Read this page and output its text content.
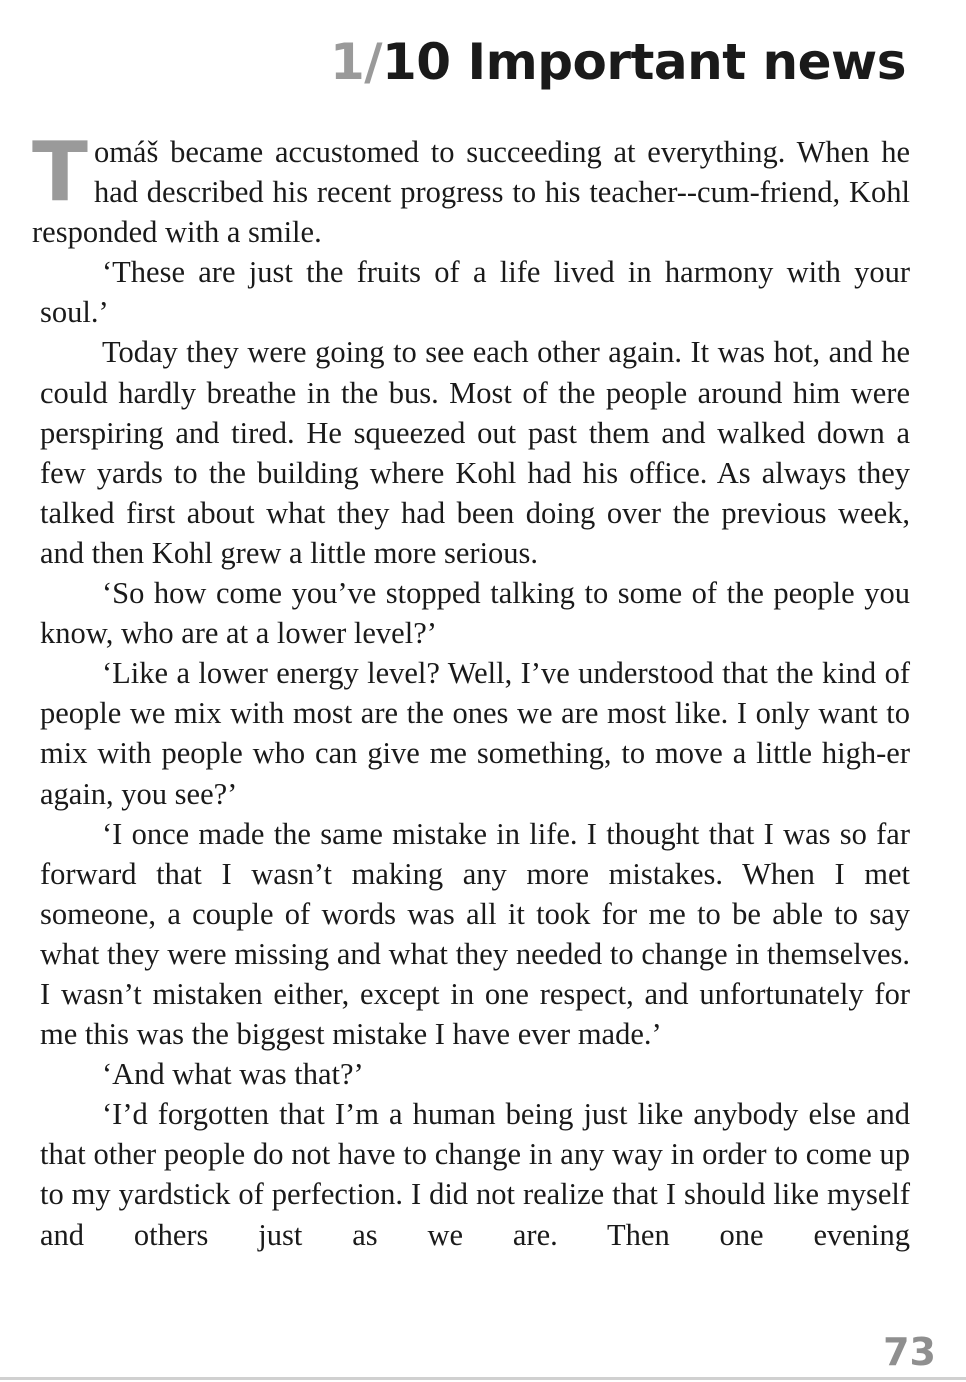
1/10 Important news

Tomáš became accustomed to succeeding at everything. When he had described his recent progress to his teacher--cum-friend, Kohl responded with a smile.

‘These are just the fruits of a life lived in harmony with your soul.’

Today they were going to see each other again. It was hot, and he could hardly breathe in the bus. Most of the people around him were perspiring and tired. He squeezed out past them and walked down a few yards to the building where Kohl had his office. As always they talked first about what they had been doing over the previous week, and then Kohl grew a little more serious.

‘So how come you’ve stopped talking to some of the people you know, who are at a lower level?’

‘Like a lower energy level? Well, I’ve understood that the kind of people we mix with most are the ones we are most like. I only want to mix with people who can give me something, to move a little high-er again, you see?’

‘I once made the same mistake in life. I thought that I was so far forward that I wasn’t making any more mistakes. When I met someone, a couple of words was all it took for me to be able to say what they were missing and what they needed to change in themselves. I wasn’t mistaken either, except in one respect, and unfortunately for me this was the biggest mistake I have ever made.’

‘And what was that?’

‘I’d forgotten that I’m a human being just like anybody else and that other people do not have to change in any way in order to come up to my yardstick of perfection. I did not realize that I should like myself and others just as we are. Then one evening

73
